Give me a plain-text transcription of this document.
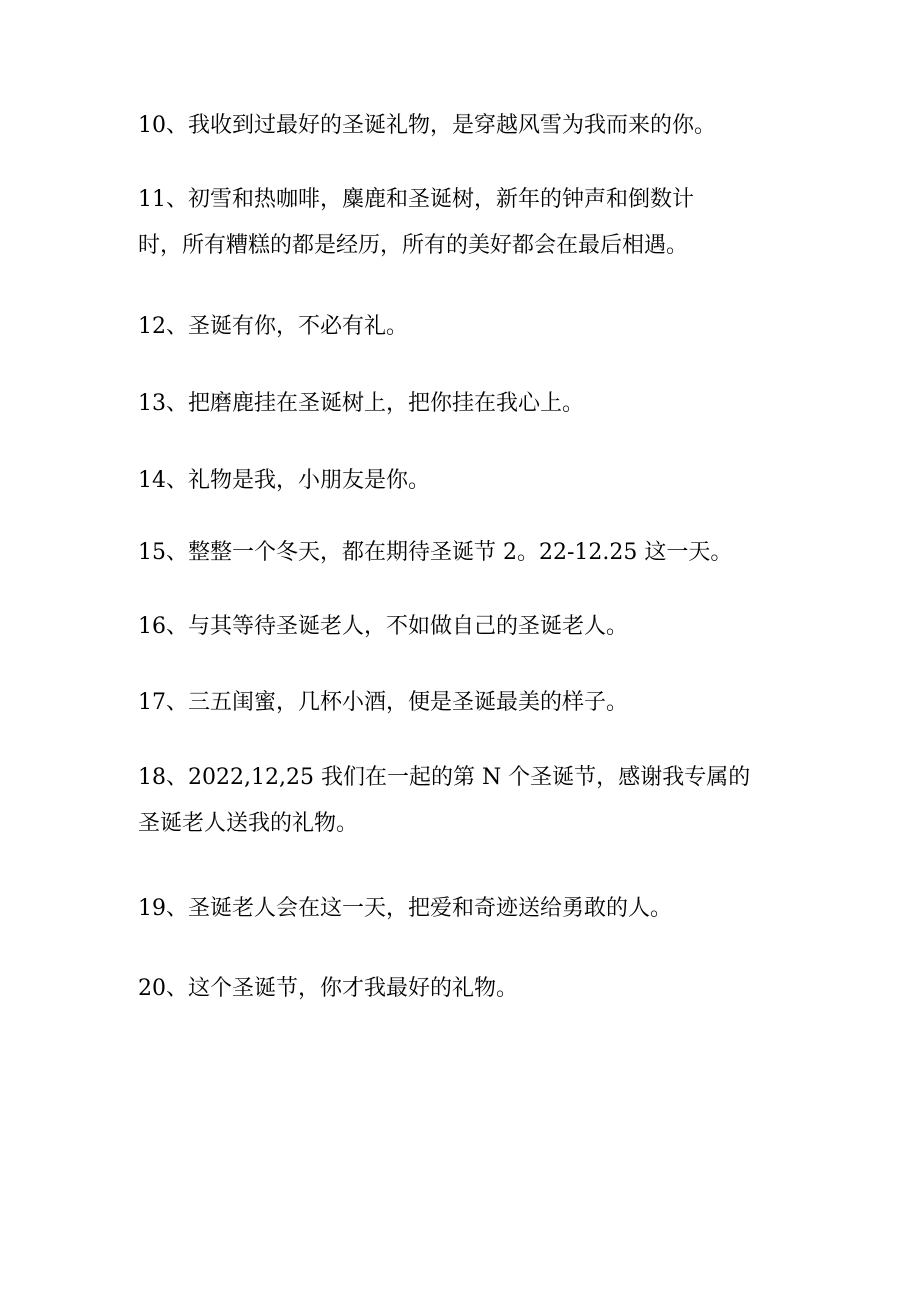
10、我收到过最好的圣诞礼物，是穿越风雪为我而来的你。

11、初雪和热咖啡，麋鹿和圣诞树，新年的钟声和倒数计
时，所有糟糕的都是经历，所有的美好都会在最后相遇。

12、圣诞有你，不必有礼。

13、把磨鹿挂在圣诞树上，把你挂在我心上。

14、礼物是我，小朋友是你。

15、整整一个冬天，都在期待圣诞节 2。22-12.25 这一天。

16、与其等待圣诞老人，不如做自己的圣诞老人。

17、三五闺蜜，几杯小酒，便是圣诞最美的样子。

18、2022,12,25 我们在一起的第 N 个圣诞节，感谢我专属的
圣诞老人送我的礼物。

19、圣诞老人会在这一天，把爱和奇迹送给勇敢的人。

20、这个圣诞节，你才我最好的礼物。
